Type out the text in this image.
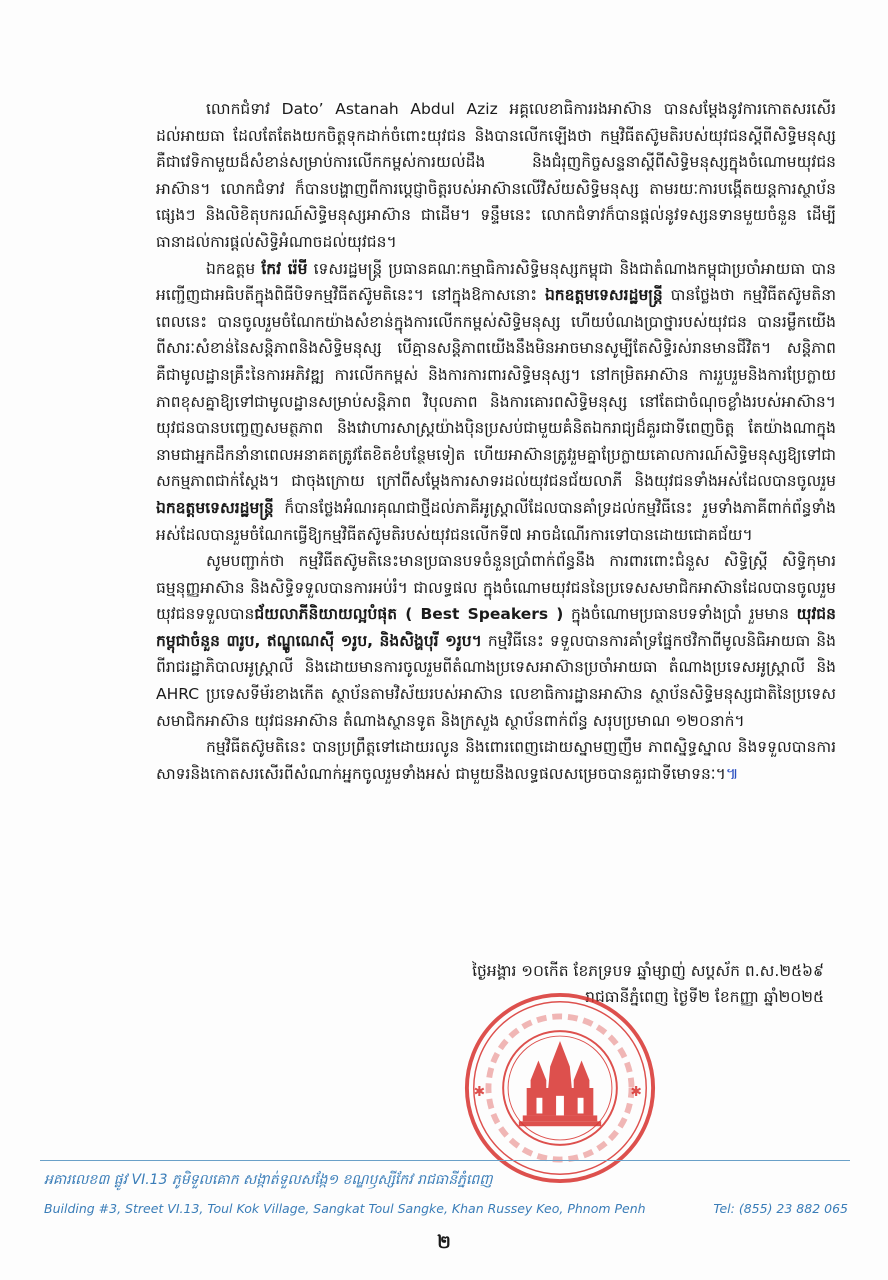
លោកជំទាវ Dato’ Astanah Abdul Aziz អគ្គលេខាធិការរងអាស៊ាន បានសម្តែងនូវការកោតសរសើរដល់អាយធា ដែលតែតែងយកចិត្តទុកដាក់ចំពោះយុវជន និងបានលើកឡើងថា កម្មវិធីតស៊ូមតិរបស់យុវជនស្តីពីសិទ្ធិមនុស្ស គឺជាវេទិកាមួយដ៏សំខាន់សម្រាប់ការលើកកម្ពស់ការយល់ដឹង និងជំរុញកិច្ចសន្ទនាស្តីពីសិទ្ធិមនុស្សក្នុងចំណោមយុវជនអាស៊ាន។ លោកជំទាវ ក៏បានបង្ហាញពីការប្តេជ្ញាចិត្តរបស់អាស៊ានលើវិស័យសិទ្ធិមនុស្ស តាមរយៈការបង្កើតយន្តការស្ថាប័នផ្សេងៗ និងលិខិតុបករណ៍សិទ្ធិមនុស្សអាស៊ាន ជាដើម។ ទន្ទឹមនេះ លោកជំទាវក៏បានផ្តល់នូវទស្សនទានមួយចំនួន ដើម្បីធានាដល់ការផ្តល់សិទ្ធិអំណាចដល់យុវជន។

ឯកឧត្តម កែវ រ៉េមី ទេសរដ្ឋមន្ត្រី ប្រធានគណៈកម្មាធិការសិទ្ធិមនុស្សកម្ពុជា និងជាតំណាងកម្ពុជាប្រចាំអាយធា បានអញ្ជើញជាអធិបតីក្នុងពិធីបិទកម្មវិធីតស៊ូមតិនេះ។ នៅក្នុងឱកាសនោះ ឯកឧត្តមទេសរដ្ឋមន្ត្រី បានថ្លែងថា កម្មវិធីតស៊ូមតិនាពេលនេះ បានចូលរួមចំណែកយ៉ាងសំខាន់ក្នុងការលើកកម្ពស់សិទ្ធិមនុស្ស ហើយបំណងប្រាថ្នារបស់យុវជន បានរម្លឹកយើងពីសារៈសំខាន់នៃសន្តិភាពនិងសិទ្ធិមនុស្ស បើគ្មានសន្តិភាពយើងនឹងមិនអាចមានសូម្បីតែសិទ្ធិរស់រានមានជីវិត។ សន្តិភាព គឺជាមូលដ្ឋានគ្រឹះនៃការអភិវឌ្ឍ ការលើកកម្ពស់ និងការការពារសិទ្ធិមនុស្ស។ នៅកម្រិតអាស៊ាន ការរួបរួមនិងការប្រែក្លាយភាពខុសគ្នាឱ្យទៅជាមូលដ្ឋានសម្រាប់សន្តិភាព វិបុលភាព និងការគោរពសិទ្ធិមនុស្ស នៅតែជាចំណុចខ្លាំងរបស់អាស៊ាន។ យុវជនបានបញ្ចេញសមត្ថភាព និងវោហារសាស្ត្រយ៉ាងប៉ិនប្រសប់ជាមួយគំនិតឯករាជ្យដ៏គួរជាទីពេញចិត្ត តែយ៉ាងណាក្នុងនាមជាអ្នកដឹកនាំនាពេលអនាគតត្រូវតែខិតខំបន្ថែមទៀត ហើយអាស៊ានត្រូវរួមគ្នាប្រែក្លាយគោលការណ៍សិទ្ធិមនុស្សឱ្យទៅជាសកម្មភាពជាក់ស្តែង។ ជាចុងក្រោយ ក្រៅពីសម្តែងការសាទរដល់យុវជនជ័យលាភី និងយុវជនទាំងអស់ដែលបានចូលរួម ឯកឧត្តមទេសរដ្ឋមន្ត្រី ក៏បានថ្លែងអំណរគុណជាថ្មីដល់ភាគីអូស្ត្រាលីដែលបានគាំទ្រដល់កម្មវិធីនេះ រួមទាំងភាគីពាក់ព័ន្ធទាំងអស់ដែលបានរួមចំណែកធ្វើឱ្យកម្មវិធីតស៊ូមតិរបស់យុវជនលើកទី៧ អាចដំណើរការទៅបានដោយជោគជ័យ។

សូមបញ្ជាក់ថា កម្មវិធីតស៊ូមតិនេះមានប្រធានបទចំនួនប្រាំពាក់ព័ន្ធនឹង ការពារពោះជំនួស សិទ្ធិស្ត្រី សិទ្ធិកុមារ ធម្មនុញ្ញអាស៊ាន និងសិទ្ធិទទួលបានការអប់រំ។ ជាលទ្ធផល ក្នុងចំណោមយុវជននៃប្រទេសសមាជិកអាស៊ានដែលបានចូលរួម យុវជនទទួលបានជ័យលាភីនិយាយល្អបំផុត ( Best Speakers ) ក្នុងចំណោមប្រធានបទទាំងប្រាំ រួមមាន យុវជនកម្ពុជាចំនួន ៣រូប, ឥណ្ឌូណេស៊ី ១រូប, និងសិង្ហបុរី ១រូប។ កម្មវិធីនេះ ទទួលបានការគាំទ្រផ្នែកថវិកាពីមូលនិធិអាយធា និងពីរាជរដ្ឋាភិបាលអូស្ត្រាលី និងដោយមានការចូលរួមពីតំណាងប្រទេសអាស៊ានប្រចាំអាយធា តំណាងប្រទេសអូស្ត្រាលី និង AHRC ប្រទេសទីម័រខាងកើត ស្ថាប័នតាមវិស័យរបស់អាស៊ាន លេខាធិការដ្ឋានអាស៊ាន ស្ថាប័នសិទ្ធិមនុស្សជាតិនៃប្រទេសសមាជិកអាស៊ាន យុវជនអាស៊ាន តំណាងស្ថានទូត និងក្រសួង ស្ថាប័នពាក់ព័ន្ធ សរុបប្រមាណ ១២០នាក់។

កម្មវិធីតស៊ូមតិនេះ បានប្រព្រឹត្តទៅដោយរលូន និងពោរពេញដោយស្នាមញញឹម ភាពស្និទ្ធស្នាល និងទទួលបានការសាទរនិងកោតសរសើរពីសំណាក់អ្នកចូលរួមទាំងអស់ ជាមួយនឹងលទ្ធផលសម្រេចបានគួរជាទីមោទនៈ។៕

ថ្ងៃអង្គារ ១០កើត ខែភទ្របទ ឆ្នាំម្សាញ់ សប្តស័ក ព.ស.២៥៦៩
រាជធានីភ្នំពេញ ថ្ងៃទី២ ខែកញ្ញា ឆ្នាំ២០២៥
✱	✱
អគារលេខ៣ ផ្លូវ VI.13 ភូមិទួលគោក សង្កាត់ទួលសង្កែ១ ខណ្ឌឫស្សីកែវ រាជធានីភ្នំពេញ
Building #3, Street VI.13, Toul Kok Village, Sangkat Toul Sangke, Khan Russey Keo, Phnom Penh	Tel: (855) 23 882 065
២
